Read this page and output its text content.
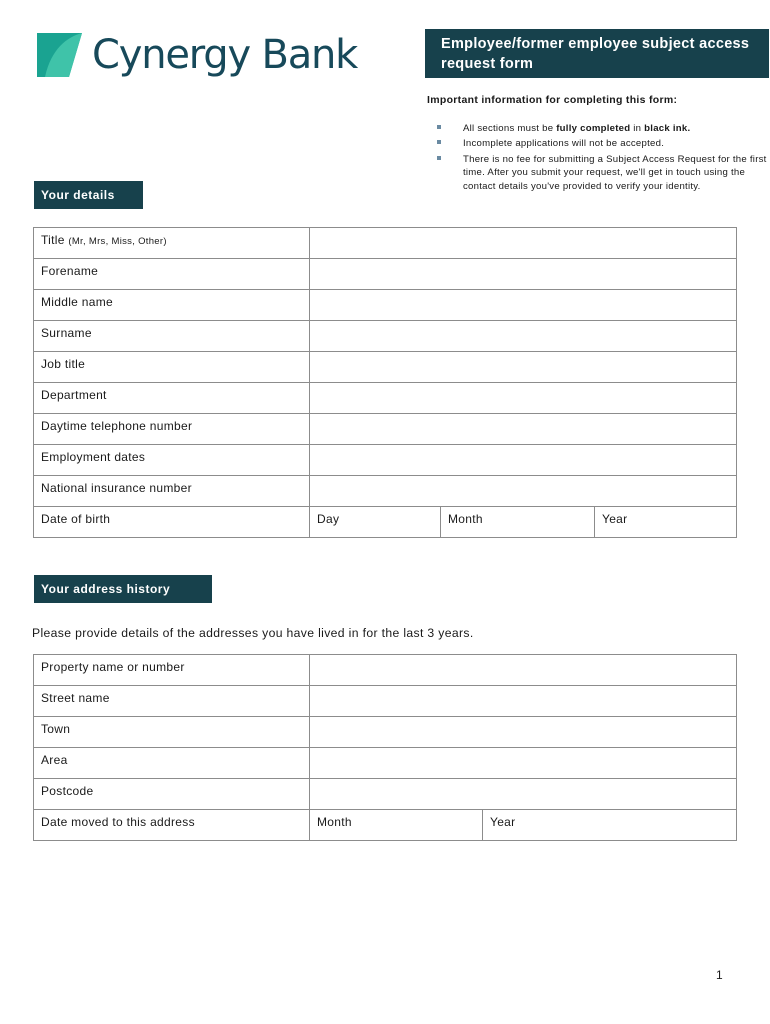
Cynergy Bank	Employee/former employee subject access request form
Important information for completing this form:
All sections must be fully completed in black ink.
Incomplete applications will not be accepted.
There is no fee for submitting a Subject Access Request for the first time. After you submit your request, we'll get in touch using the contact details you've provided to verify your identity.
Your details
Title (Mr, Mrs, Miss, Other)			
Forename			
Middle name			
Surname			
Job title			
Department			
Daytime telephone number			
Employment dates			
National insurance number			
Date of birth	Day	Month	Year
Your address history
Please provide details of the addresses you have lived in for the last 3 years.
Property name or number		
Street name		
Town		
Area		
Postcode		
Date moved to this address	Month	Year
1
